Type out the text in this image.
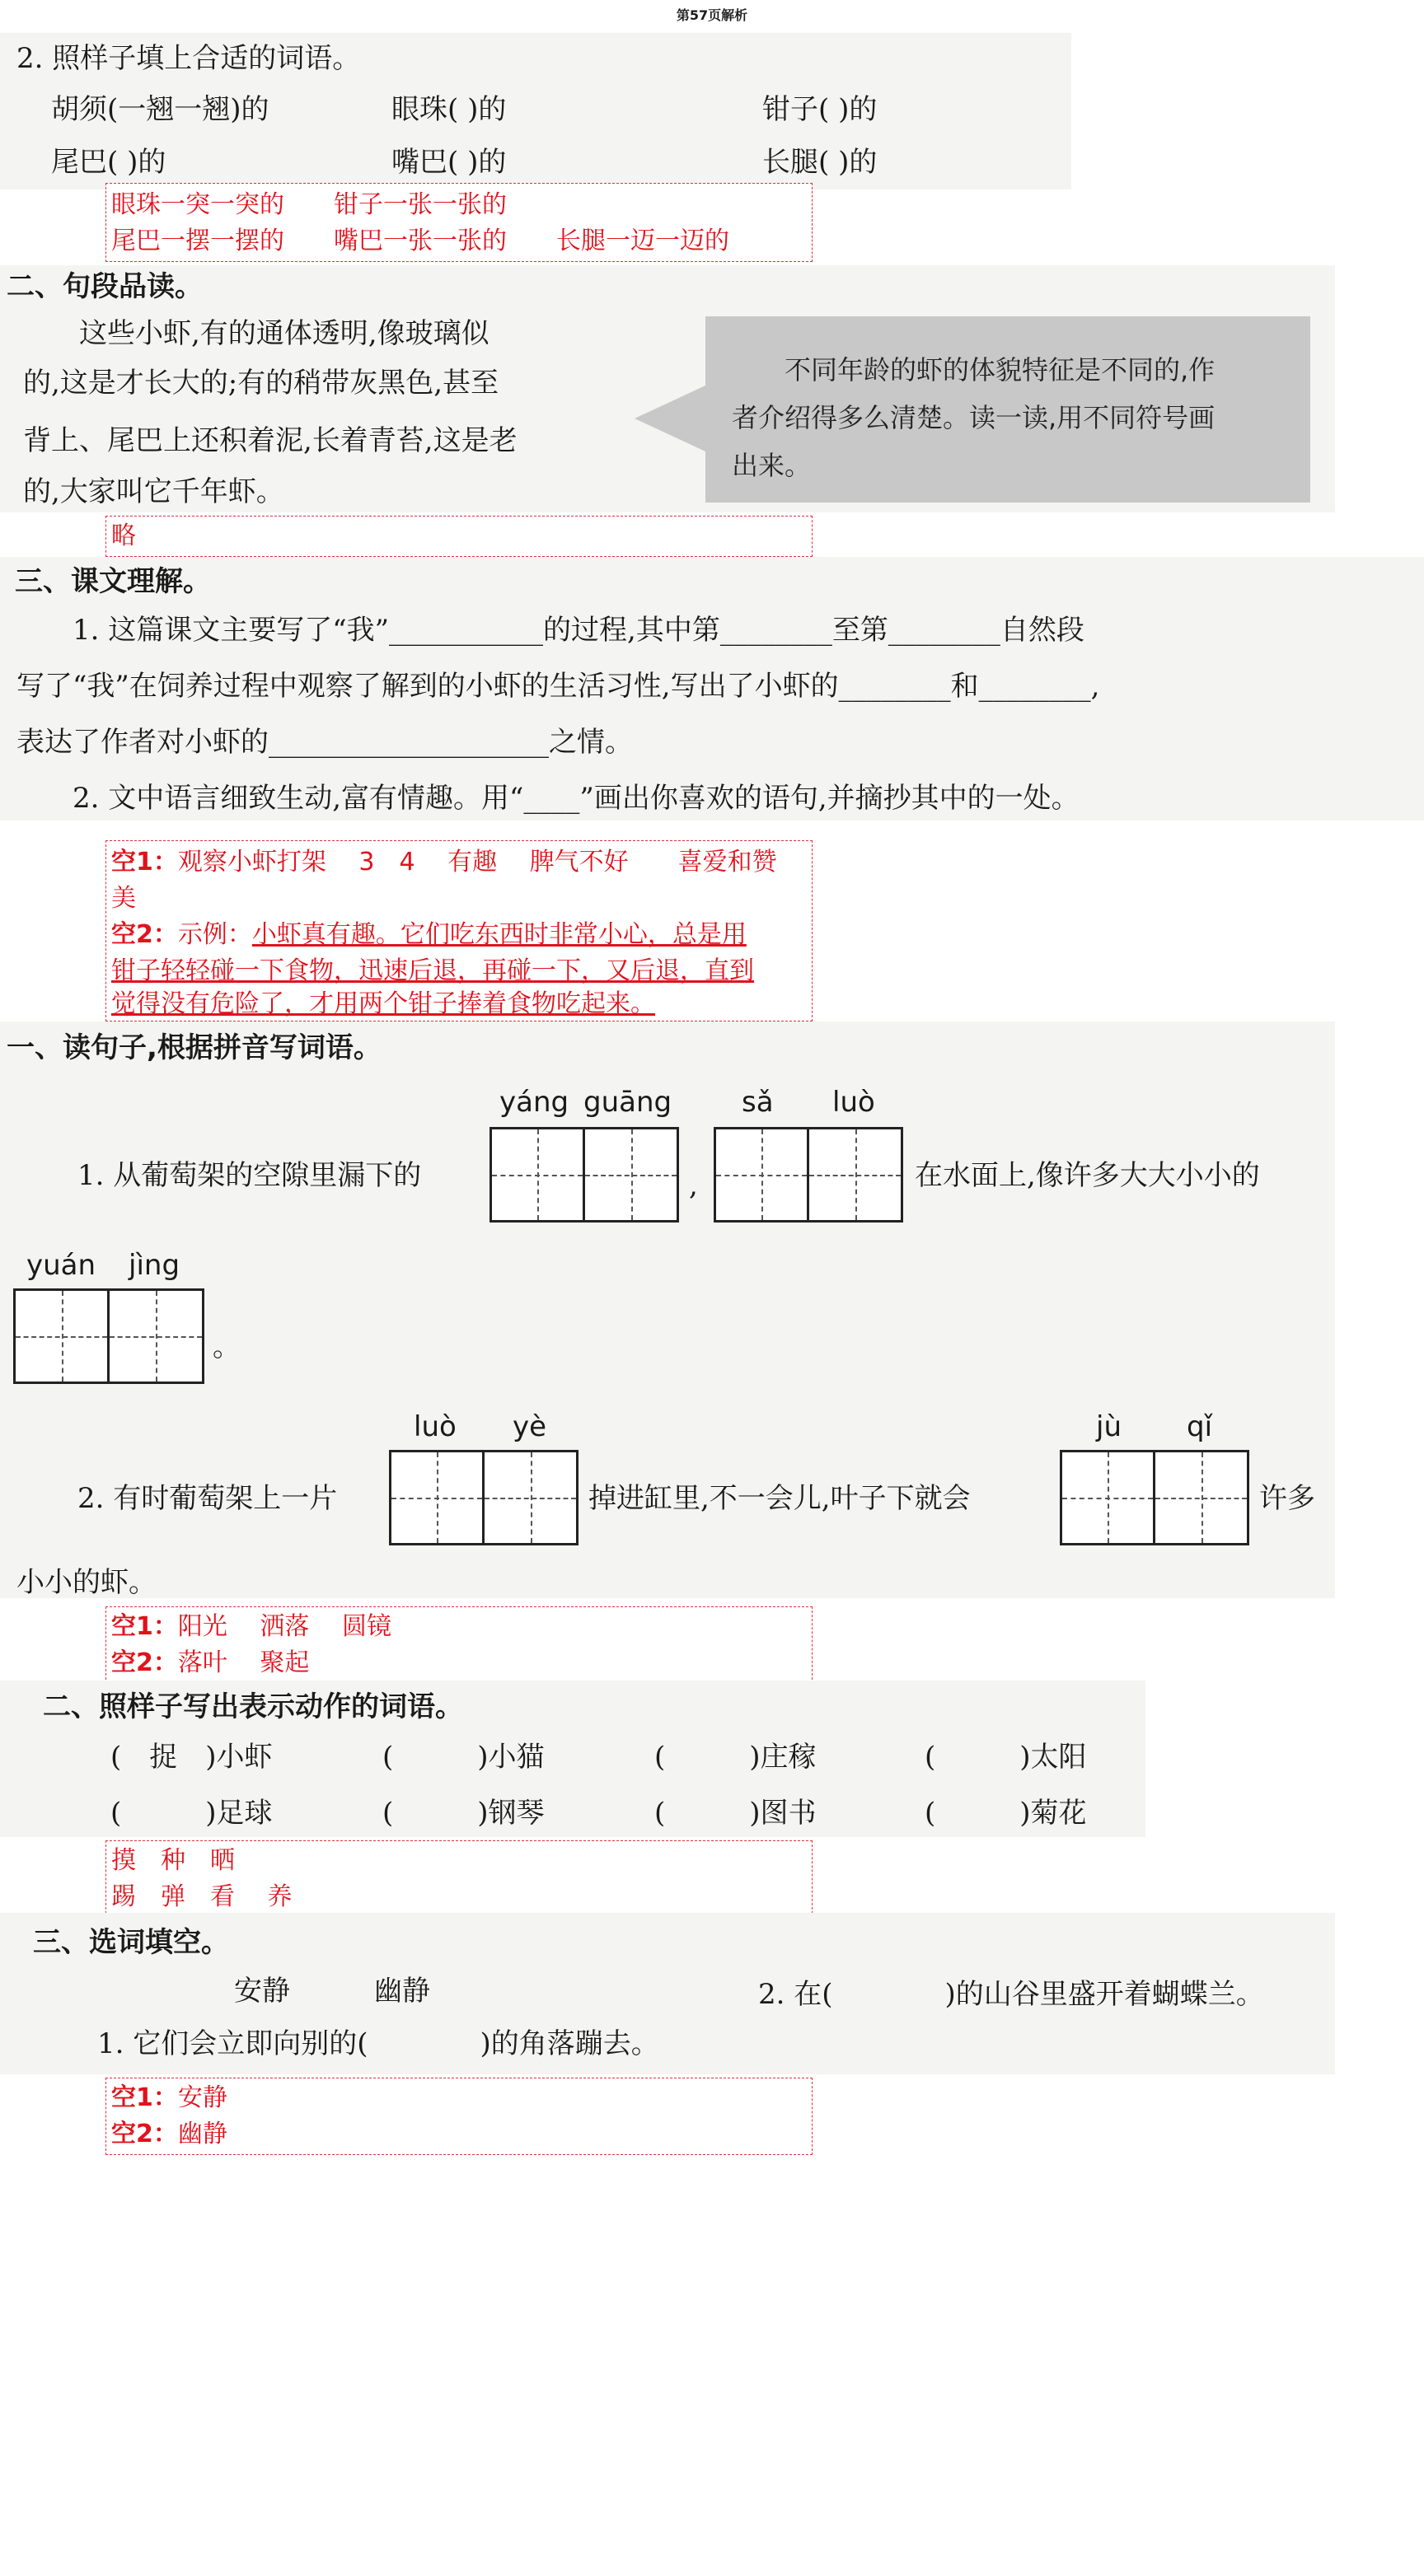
第57页解析
2. 照样子填上合适的词语。
胡须(一翘一翘)的	眼珠( )的	钳子( )的
尾巴( )的	嘴巴( )的	长腿( )的
眼珠一突一突的　　钳子一张一张的
尾巴一摆一摆的　　嘴巴一张一张的　　长腿一迈一迈的
二、句段品读。
　　这些小虾,有的通体透明,像玻璃似
的,这是才长大的;有的稍带灰黑色,甚至
背上、尾巴上还积着泥,长着青苔,这是老
的,大家叫它千年虾。
　　不同年龄的虾的体貌特征是不同的,作
者介绍得多么清楚。读一读,用不同符号画
出来。
略
三、课文理解。
　　1. 这篇课文主要写了“我”___________的过程,其中第________至第________自然段
写了“我”在饲养过程中观察了解到的小虾的生活习性,写出了小虾的________和________,
表达了作者对小虾的____________________之情。
　　2. 文中语言细致生动,富有情趣。用“____”画出你喜欢的语句,并摘抄其中的一处。
空1：观察小虾打架　 3　4　 有趣　 脾气不好　　喜爱和赞
美
空2：示例：小虾真有趣。它们吃东西时非常小心，总是用
钳子轻轻碰一下食物，迅速后退，再碰一下，又后退，直到
觉得没有危险了，才用两个钳子捧着食物吃起来。
一、读句子,根据拼音写词语。
yáng guāng sǎ luò
1. 从葡萄架的空隙里漏下的	,	在水面上,像许多大大小小的
yuán jìng
。
luò yè
2. 有时葡萄架上一片	掉进缸里,不一会儿,叶子下就会
jù qǐ
许多
小小的虾。
空1：阳光　 洒落　 圆镜
空2：落叶　 聚起
二、照样子写出表示动作的词语。
(　捉　)小虾	(　　　)小猫	(　　　)庄稼	(　　　)太阳
(　　　)足球	(　　　)钢琴	(　　　)图书	(　　　)菊花
摸　种　晒
踢　弹　看　 养
三、选词填空。
安静　　　幽静	2. 在(　　　　)的山谷里盛开着蝴蝶兰。
1. 它们会立即向别的(　　　　)的角落蹦去。
空1：安静
空2：幽静
